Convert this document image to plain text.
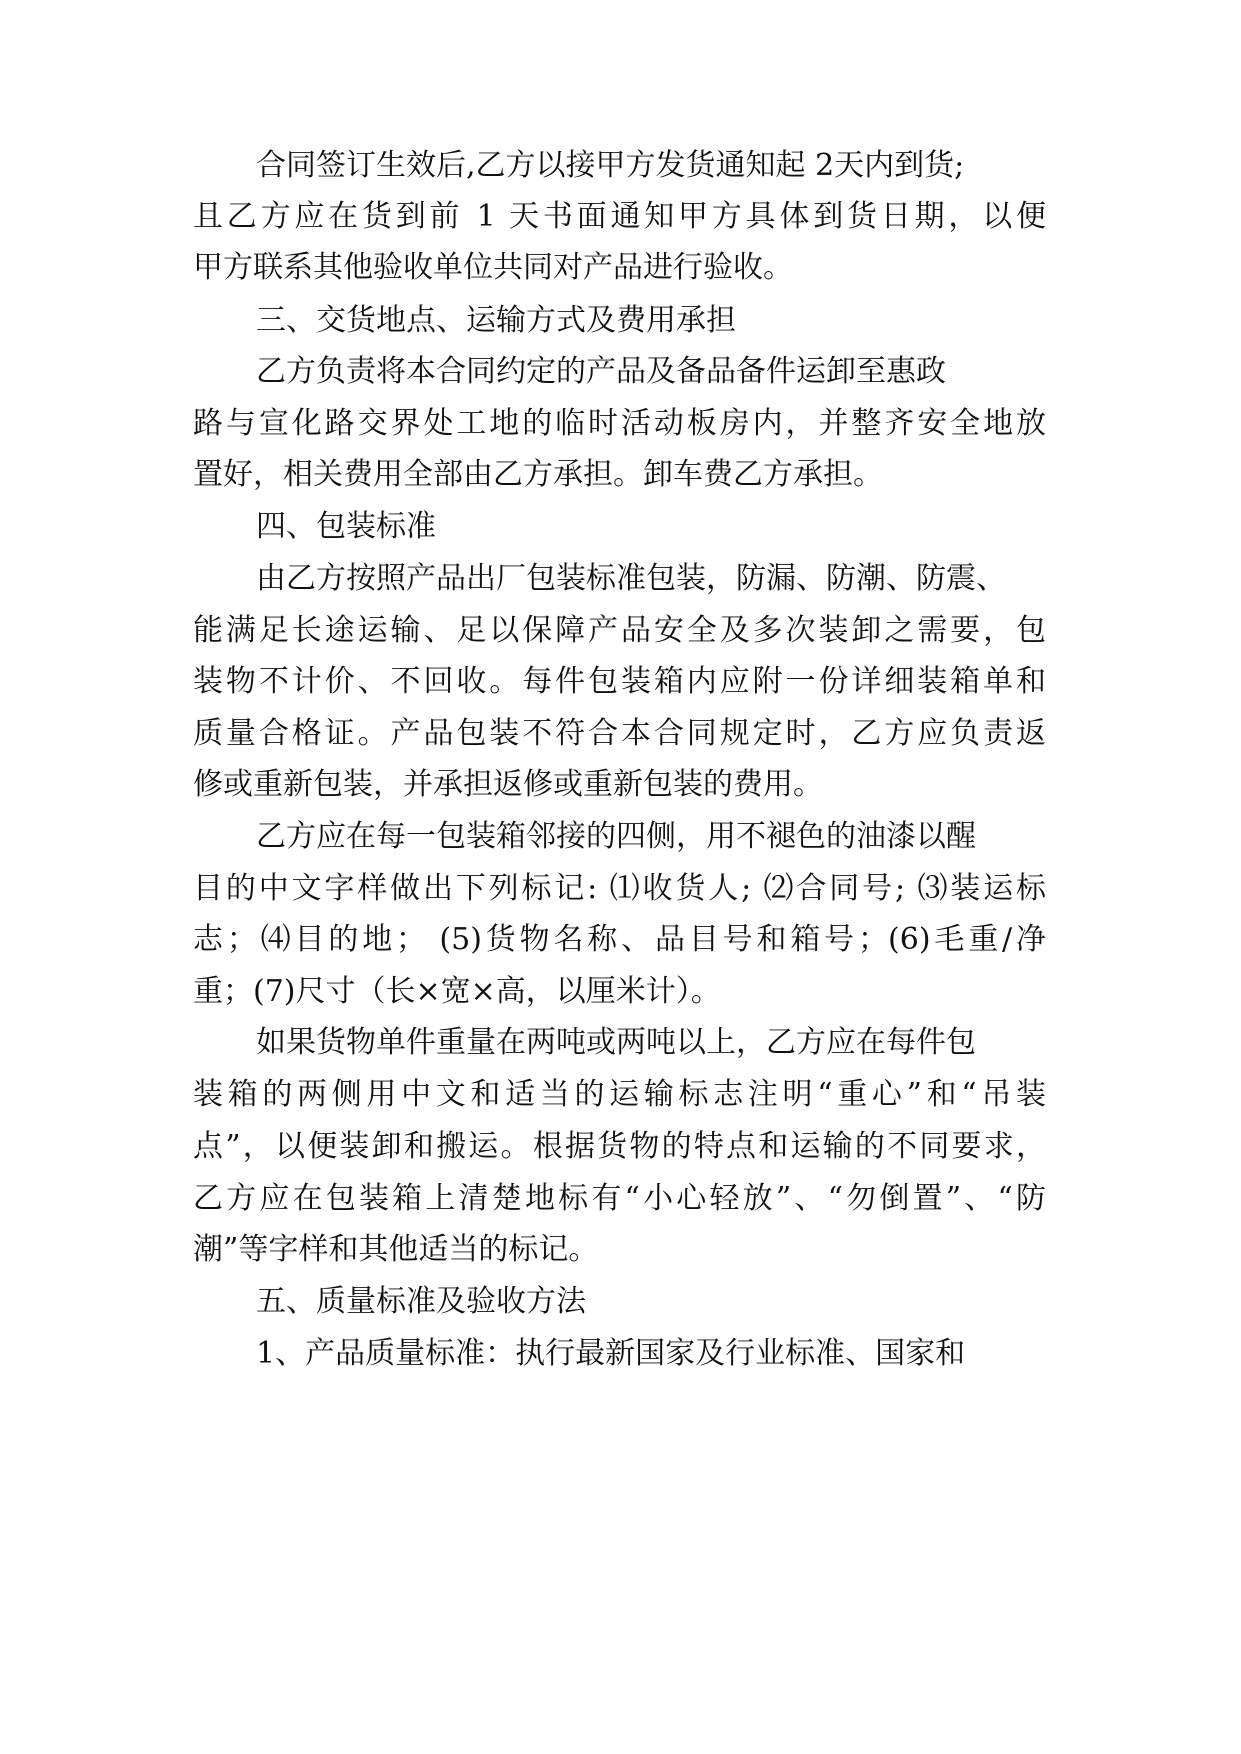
合同签订生效后,乙方以接甲方发货通知起 2天内到货;
且乙方应在货到前 1 天书面通知甲方具体到货日期，以便
甲方联系其他验收单位共同对产品进行验收。
三、交货地点、运输方式及费用承担
乙方负责将本合同约定的产品及备品备件运卸至惠政
路与宣化路交界处工地的临时活动板房内，并整齐安全地放
置好，相关费用全部由乙方承担。卸车费乙方承担。
四、包装标准
由乙方按照产品出厂包装标准包装，防漏、防潮、防震、
能满足长途运输、足以保障产品安全及多次装卸之需要，包
装物不计价、不回收。每件包装箱内应附一份详细装箱单和
质量合格证。产品包装不符合本合同规定时，乙方应负责返
修或重新包装，并承担返修或重新包装的费用。
乙方应在每一包装箱邻接的四侧，用不褪色的油漆以醒
目的中文字样做出下列标记: ⑴收货人; ⑵合同号; ⑶装运标
志；⑷目的地； (5)货物名称、品目号和箱号；(6)毛重/净
重；(7)尺寸（长×宽×高，以厘米计）。
如果货物单件重量在两吨或两吨以上，乙方应在每件包
装箱的两侧用中文和适当的运输标志注明“重心”和“吊装
点”，以便装卸和搬运。根据货物的特点和运输的不同要求，
乙方应在包装箱上清楚地标有“小心轻放”、“勿倒置”、“防
潮”等字样和其他适当的标记。
五、质量标准及验收方法
1、产品质量标准：执行最新国家及行业标准、国家和
